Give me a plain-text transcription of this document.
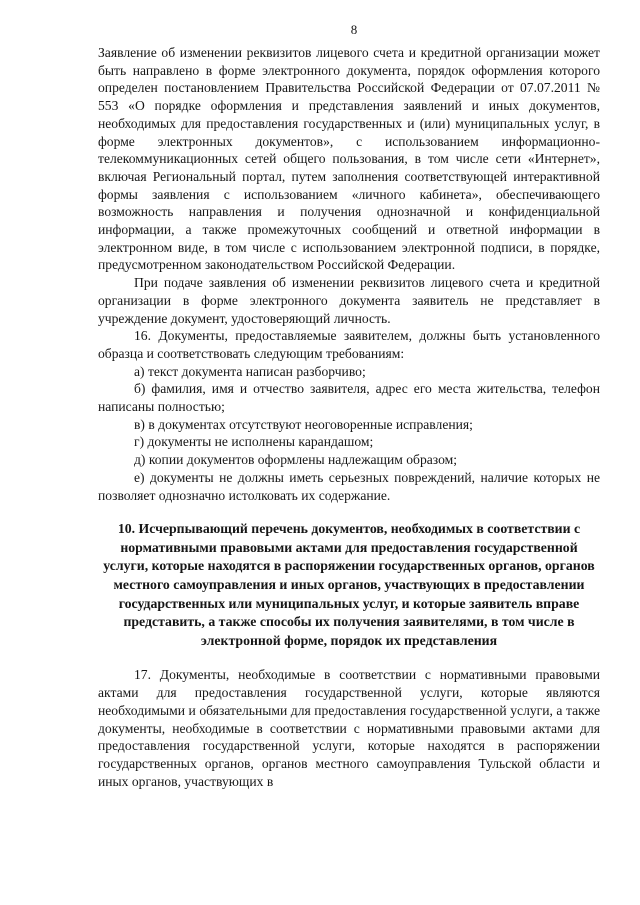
8

Заявление об изменении реквизитов лицевого счета и кредитной организации может быть направлено в форме электронного документа, порядок оформления которого определен постановлением Правительства Российской Федерации от 07.07.2011 № 553 «О порядке оформления и представления заявлений и иных документов, необходимых для предоставления государственных и (или) муниципальных услуг, в форме электронных документов», с использованием информационно-телекоммуникационных сетей общего пользования, в том числе сети «Интернет», включая Региональный портал, путем заполнения соответствующей интерактивной формы заявления с использованием «личного кабинета», обеспечивающего возможность направления и получения однозначной и конфиденциальной информации, а также промежуточных сообщений и ответной информации в электронном виде, в том числе с использованием электронной подписи, в порядке, предусмотренном законодательством Российской Федерации.

При подаче заявления об изменении реквизитов лицевого счета и кредитной организации в форме электронного документа заявитель не представляет в учреждение документ, удостоверяющий личность.

16. Документы, предоставляемые заявителем, должны быть установленного образца и соответствовать следующим требованиям:

а) текст документа написан разборчиво;

б) фамилия, имя и отчество заявителя, адрес его места жительства, телефон написаны полностью;

в) в документах отсутствуют неоговоренные исправления;

г) документы не исполнены карандашом;

д) копии документов оформлены надлежащим образом;

е) документы не должны иметь серьезных повреждений, наличие которых не позволяет однозначно истолковать их содержание.

10. Исчерпывающий перечень документов, необходимых в соответствии с нормативными правовыми актами для предоставления государственной услуги, которые находятся в распоряжении государственных органов, органов местного самоуправления и иных органов, участвующих в предоставлении государственных или муниципальных услуг, и которые заявитель вправе представить, а также способы их получения заявителями, в том числе в электронной форме, порядок их представления

17. Документы, необходимые в соответствии с нормативными правовыми актами для предоставления государственной услуги, которые являются необходимыми и обязательными для предоставления государственной услуги, а также документы, необходимые в соответствии с нормативными правовыми актами для предоставления государственной услуги, которые находятся в распоряжении государственных органов, органов местного самоуправления Тульской области и иных органов, участвующих в
